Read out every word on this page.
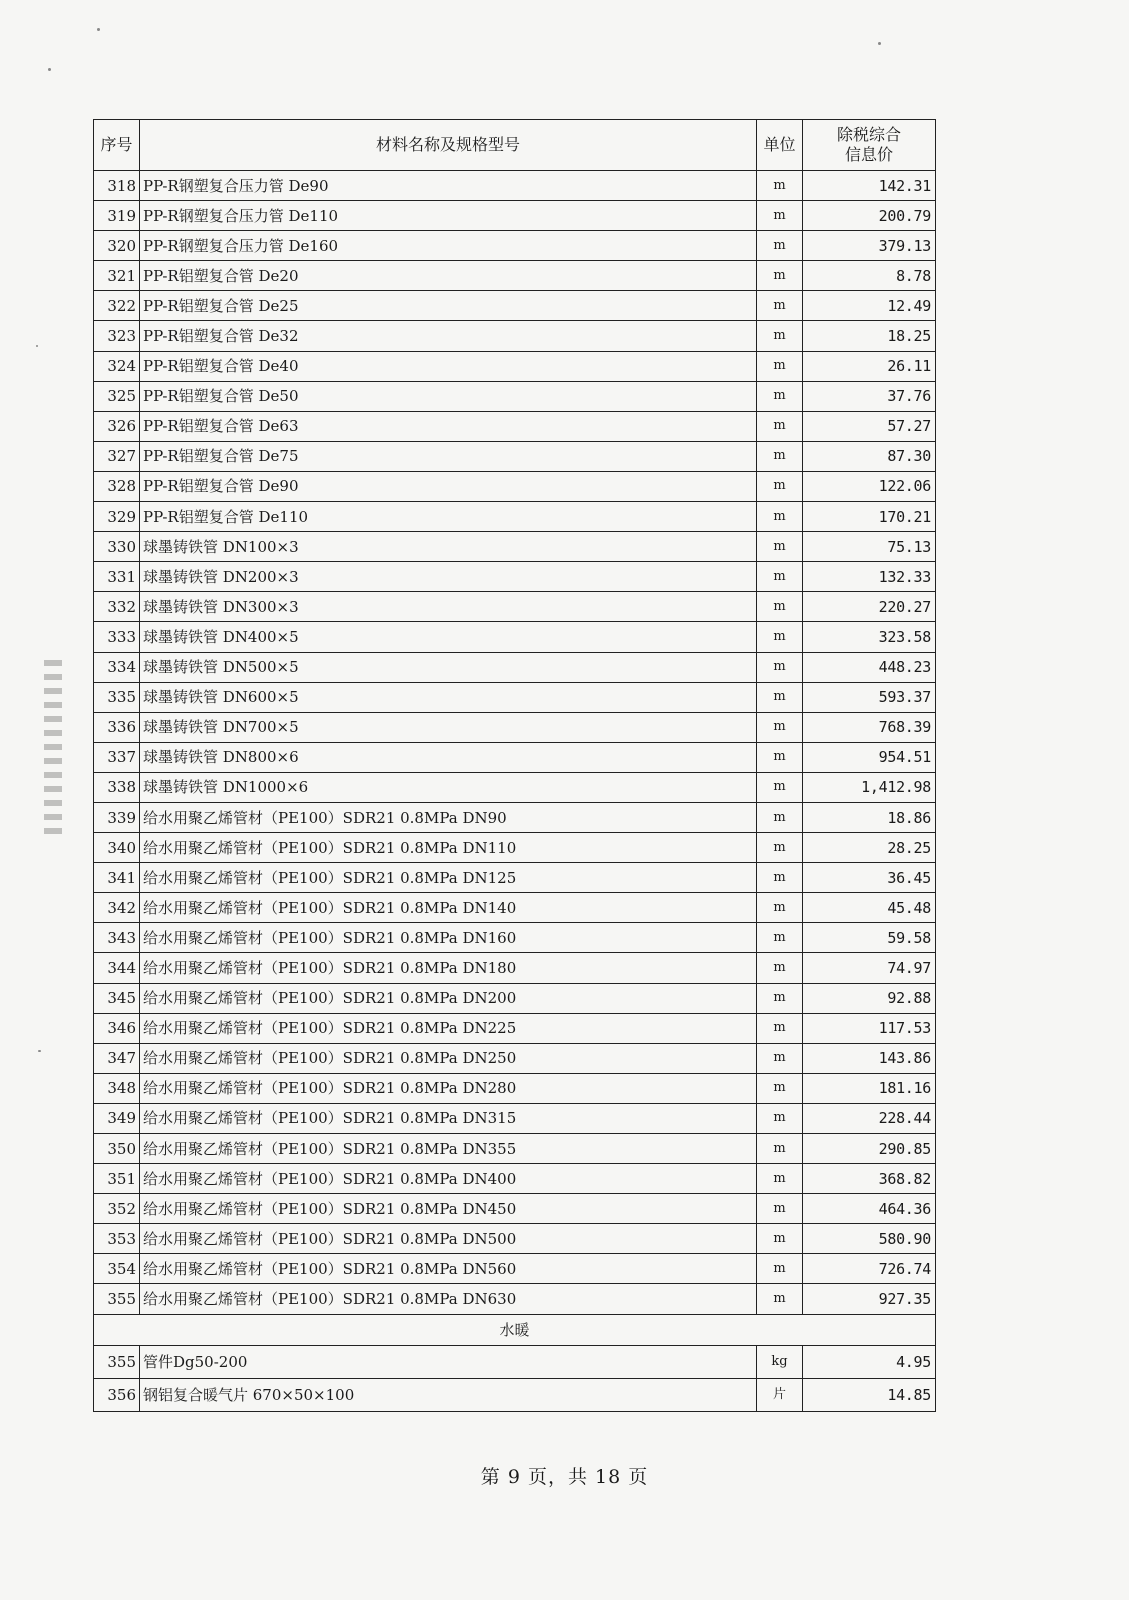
序号	材料名称及规格型号	单位	除税综合
信息价

318	PP-R钢塑复合压力管 De90	m	142.31
319	PP-R钢塑复合压力管 De110	m	200.79
320	PP-R钢塑复合压力管 De160	m	379.13
321	PP-R铝塑复合管 De20	m	8.78
322	PP-R铝塑复合管 De25	m	12.49
323	PP-R铝塑复合管 De32	m	18.25
324	PP-R铝塑复合管 De40	m	26.11
325	PP-R铝塑复合管 De50	m	37.76
326	PP-R铝塑复合管 De63	m	57.27
327	PP-R铝塑复合管 De75	m	87.30
328	PP-R铝塑复合管 De90	m	122.06
329	PP-R铝塑复合管 De110	m	170.21
330	球墨铸铁管 DN100×3	m	75.13
331	球墨铸铁管 DN200×3	m	132.33
332	球墨铸铁管 DN300×3	m	220.27
333	球墨铸铁管 DN400×5	m	323.58
334	球墨铸铁管 DN500×5	m	448.23
335	球墨铸铁管 DN600×5	m	593.37
336	球墨铸铁管 DN700×5	m	768.39
337	球墨铸铁管 DN800×6	m	954.51
338	球墨铸铁管 DN1000×6	m	1,412.98
339	给水用聚乙烯管材（PE100）SDR21 0.8MPa DN90	m	18.86
340	给水用聚乙烯管材（PE100）SDR21 0.8MPa DN110	m	28.25
341	给水用聚乙烯管材（PE100）SDR21 0.8MPa DN125	m	36.45
342	给水用聚乙烯管材（PE100）SDR21 0.8MPa DN140	m	45.48
343	给水用聚乙烯管材（PE100）SDR21 0.8MPa DN160	m	59.58
344	给水用聚乙烯管材（PE100）SDR21 0.8MPa DN180	m	74.97
345	给水用聚乙烯管材（PE100）SDR21 0.8MPa DN200	m	92.88
346	给水用聚乙烯管材（PE100）SDR21 0.8MPa DN225	m	117.53
347	给水用聚乙烯管材（PE100）SDR21 0.8MPa DN250	m	143.86
348	给水用聚乙烯管材（PE100）SDR21 0.8MPa DN280	m	181.16
349	给水用聚乙烯管材（PE100）SDR21 0.8MPa DN315	m	228.44
350	给水用聚乙烯管材（PE100）SDR21 0.8MPa DN355	m	290.85
351	给水用聚乙烯管材（PE100）SDR21 0.8MPa DN400	m	368.82
352	给水用聚乙烯管材（PE100）SDR21 0.8MPa DN450	m	464.36
353	给水用聚乙烯管材（PE100）SDR21 0.8MPa DN500	m	580.90
354	给水用聚乙烯管材（PE100）SDR21 0.8MPa DN560	m	726.74
355	给水用聚乙烯管材（PE100）SDR21 0.8MPa DN630	m	927.35
水暖			
355	管件Dg50-200	kg	4.95
356	钢铝复合暖气片 670×50×100	片	14.85
第 9 页，共 18 页
